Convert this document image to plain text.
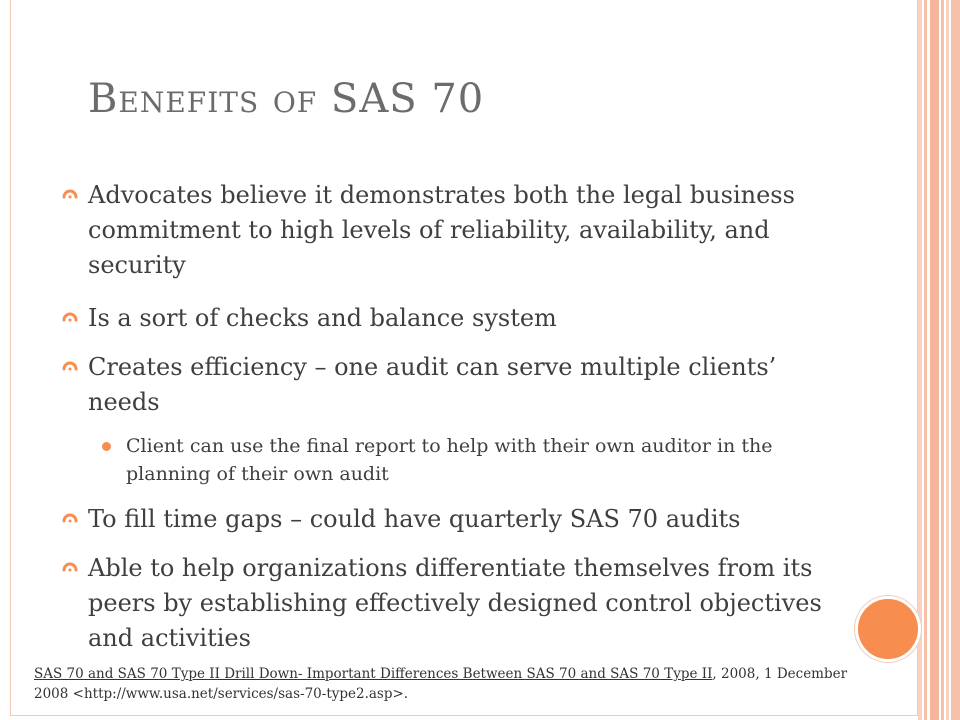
Benefits of SAS 70
Advocates believe it demonstrates both the legal business commitment to high levels of reliability, availability, and security
Is a sort of checks and balance system
Creates efficiency – one audit can serve multiple clients’ needs
Client can use the final report to help with their own auditor in the planning of their own audit
To fill time gaps – could have quarterly SAS 70 audits
Able to help organizations differentiate themselves from its peers by establishing effectively designed control objectives and activities
SAS 70 and SAS 70 Type II Drill Down- Important Differences Between SAS 70 and SAS 70 Type II, 2008, 1 December 2008 <http://www.usa.net/services/sas-70-type2.asp>.
